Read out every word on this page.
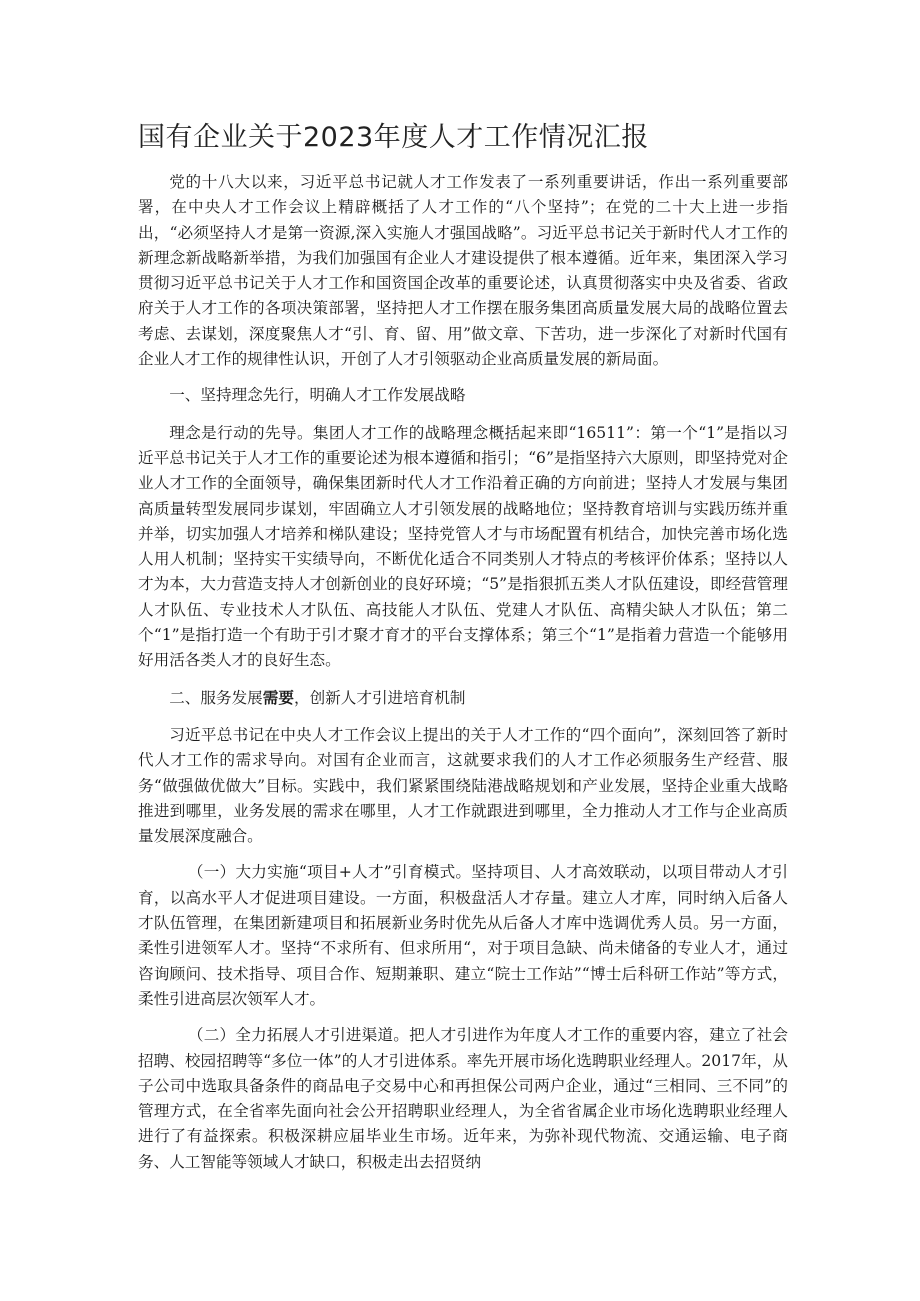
国有企业关于2023年度人才工作情况汇报

党的十八大以来，习近平总书记就人才工作发表了一系列重要讲话，作出一系列重要部署，在中央人才工作会议上精辟概括了人才工作的“八个坚持”；在党的二十大上进一步指出，“必须坚持人才是第一资源,深入实施人才强国战略”。习近平总书记关于新时代人才工作的新理念新战略新举措，为我们加强国有企业人才建设提供了根本遵循。近年来，集团深入学习贯彻习近平总书记关于人才工作和国资国企改革的重要论述，认真贯彻落实中央及省委、省政府关于人才工作的各项决策部署，坚持把人才工作摆在服务集团高质量发展大局的战略位置去考虑、去谋划，深度聚焦人才“引、育、留、用”做文章、下苦功，进一步深化了对新时代国有企业人才工作的规律性认识，开创了人才引领驱动企业高质量发展的新局面。

一、坚持理念先行，明确人才工作发展战略

理念是行动的先导。集团人才工作的战略理念概括起来即“16511”：第一个“1”是指以习近平总书记关于人才工作的重要论述为根本遵循和指引；“6”是指坚持六大原则，即坚持党对企业人才工作的全面领导，确保集团新时代人才工作沿着正确的方向前进；坚持人才发展与集团高质量转型发展同步谋划，牢固确立人才引领发展的战略地位；坚持教育培训与实践历练并重并举，切实加强人才培养和梯队建设；坚持党管人才与市场配置有机结合，加快完善市场化选人用人机制；坚持实干实绩导向，不断优化适合不同类别人才特点的考核评价体系；坚持以人才为本，大力营造支持人才创新创业的良好环境；“5”是指狠抓五类人才队伍建设，即经营管理人才队伍、专业技术人才队伍、高技能人才队伍、党建人才队伍、高精尖缺人才队伍；第二个“1”是指打造一个有助于引才聚才育才的平台支撑体系；第三个“1”是指着力营造一个能够用好用活各类人才的良好生态。

二、服务发展需要，创新人才引进培育机制

习近平总书记在中央人才工作会议上提出的关于人才工作的“四个面向”，深刻回答了新时代人才工作的需求导向。对国有企业而言，这就要求我们的人才工作必须服务生产经营、服务“做强做优做大”目标。实践中，我们紧紧围绕陆港战略规划和产业发展，坚持企业重大战略推进到哪里，业务发展的需求在哪里，人才工作就跟进到哪里，全力推动人才工作与企业高质量发展深度融合。

（一）大力实施“项目+人才”引育模式。坚持项目、人才高效联动，以项目带动人才引育，以高水平人才促进项目建设。一方面，积极盘活人才存量。建立人才库，同时纳入后备人才队伍管理，在集团新建项目和拓展新业务时优先从后备人才库中选调优秀人员。另一方面，柔性引进领军人才。坚持“不求所有、但求所用“，对于项目急缺、尚未储备的专业人才，通过咨询顾问、技术指导、项目合作、短期兼职、建立“院士工作站”“博士后科研工作站”等方式，柔性引进高层次领军人才。

（二）全力拓展人才引进渠道。把人才引进作为年度人才工作的重要内容，建立了社会招聘、校园招聘等“多位一体”的人才引进体系。率先开展市场化选聘职业经理人。2017年，从子公司中选取具备条件的商品电子交易中心和再担保公司两户企业，通过“三相同、三不同”的管理方式，在全省率先面向社会公开招聘职业经理人，为全省省属企业市场化选聘职业经理人进行了有益探索。积极深耕应届毕业生市场。近年来，为弥补现代物流、交通运输、电子商务、人工智能等领域人才缺口，积极走出去招贤纳
